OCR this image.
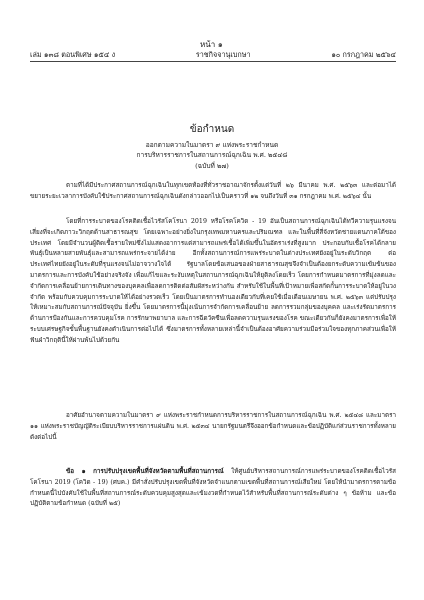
หน้า ๑
เล่ม ๑๓๘ ตอนพิเศษ ๑๕๔ ง	ราชกิจจานุเบกษา	๑๐ กรกฎาคม ๒๕๖๔
ข้อกำหนด
ออกตามความในมาตรา ๙ แห่งพระราชกำหนด
การบริหารราชการในสถานการณ์ฉุกเฉิน พ.ศ. ๒๕๔๘
(ฉบับที่ ๒๗)
ตามที่ได้มีประกาศสถานการณ์ฉุกเฉินในทุกเขตท้องที่ทั่วราชอาณาจักรตั้งแต่วันที่ ๒๖ มีนาคม พ.ศ. ๒๕๖๓ และต่อมาได้ขยายระยะเวลาการบังคับใช้ประกาศสถานการณ์ฉุกเฉินดังกล่าวออกไปเป็นคราวที่ ๑๒ จนถึงวันที่ ๓๑ กรกฎาคม พ.ศ. ๒๕๖๔ นั้น
โดยที่การระบาดของโรคติดเชื้อไวรัสโคโรนา 2019 หรือโรคโควิด - 19 อันเป็นสถานการณ์ฉุกเฉินได้ทวีความรุนแรงจนเสี่ยงที่จะเกิดภาวะวิกฤตด้านสาธารณสุข โดยเฉพาะอย่างยิ่งในกรุงเทพมหานครและปริมณฑล และในพื้นที่สี่จังหวัดชายแดนภาคใต้ของประเทศ โดยมีจำนวนผู้ติดเชื้อรายใหม่ซึ่งไม่แสดงอาการแต่สามารถแพร่เชื้อได้เพิ่มขึ้นในอัตราเร่งที่สูงมาก ประกอบกับเชื้อโรคได้กลายพันธุ์เป็นหลายสายพันธุ์และสามารถแพร่กระจายได้ง่าย อีกทั้งสถานการณ์การแพร่ระบาดในต่างประเทศยังอยู่ในระดับวิกฤต ต่อประเทศไทยยังอยู่ในระดับที่รุนแรงจนไม่อาจวางใจได้ รัฐบาลโดยข้อเสนอของฝ่ายสาธารณสุขจึงจำเป็นต้องยกระดับความเข้มข้นของมาตรการและการบังคับใช้อย่างจริงจัง เพื่อแก้ไขและระงับเหตุในสถานการณ์ฉุกเฉินให้ยุติลงโดยเร็ว โดยการกำหนดมาตรการที่มุ่งลดและจำกัดการเคลื่อนย้ายการเดินทางของบุคคลเพื่อลดการติดต่อสัมผัสระหว่างกัน สำหรับใช้ในพื้นที่เป้าหมายเพื่อสกัดกั้นการระบาดให้อยู่ในวงจำกัด พร้อมกับควบคุมการระบาดให้ได้อย่างรวดเร็ว โดยเป็นมาตรการทำนองเดียวกับที่เคยใช้เมื่อเดือนเมษายน พ.ศ. ๒๕๖๓ แต่ปรับปรุงให้เหมาะสมกับสถานการณ์ปัจจุบัน ยิ่งขึ้น โดยมาตรการนี้มุ่งเน้นการจำกัดการเคลื่อนย้าย ลดการรวมกลุ่มของบุคคล และเร่งรัดมาตรการด้านการป้องกันและการควบคุมโรค การรักษาพยาบาล และการฉีดวัคซีนเพื่อลดความรุนแรงของโรค ขณะเดียวกันก็ยังคงมาตรการเพื่อให้ระบบเศรษฐกิจขั้นพื้นฐานยังคงดำเนินการต่อไปได้ ซึ่งมาตรการทั้งหลายเหล่านี้จำเป็นต้องอาศัยความร่วมมือร่วมใจของทุกภาคส่วนเพื่อให้ฟันฝ่าวิกฤตินี้ให้ผ่านพ้นไปด้วยกัน
อาศัยอำนาจตามความในมาตรา ๙ แห่งพระราชกำหนดการบริหารราชการในสถานการณ์ฉุกเฉิน พ.ศ. ๒๕๔๘ และมาตรา ๑๑ แห่งพระราชบัญญัติระเบียบบริหารราชการแผ่นดิน พ.ศ. ๒๕๓๔ นายกรัฐมนตรีจึงออกข้อกำหนดและข้อปฏิบัติแก่ส่วนราชการทั้งหลาย ดังต่อไปนี้
ข้อ ๑ การปรับปรุงเขตพื้นที่จังหวัดตามพื้นที่สถานการณ์ ให้ศูนย์บริหารสถานการณ์การแพร่ระบาดของโรคติดเชื้อไวรัสโคโรนา 2019 (โควิด - 19) (ศบค.) มีคำสั่งปรับปรุงเขตพื้นที่จังหวัดจำแนกตามเขตพื้นที่สถานการณ์เสียใหม่ โดยให้นำมาตรการตามข้อกำหนดนี้ไปบังคับใช้ในพื้นที่สถานการณ์ระดับควบคุมสูงสุดและเข้มงวดที่กำหนดไว้สำหรับพื้นที่สถานการณ์ระดับต่าง ๆ ข้อห้าม และข้อปฏิบัติตามข้อกำหนด (ฉบับที่ ๒๕)
